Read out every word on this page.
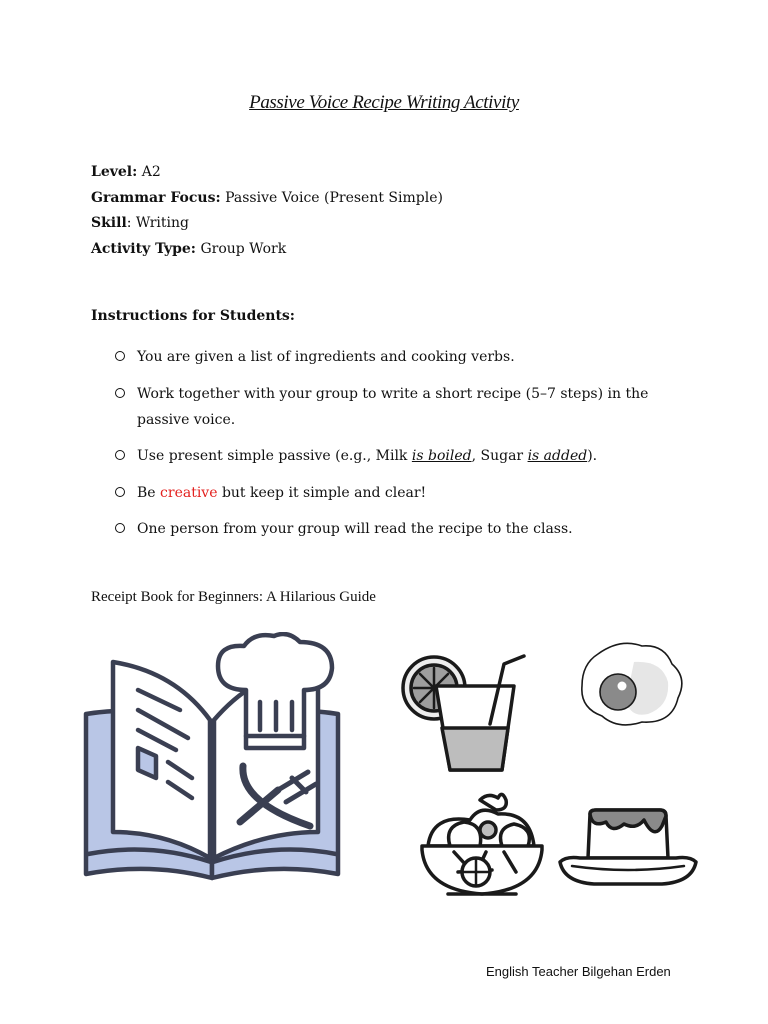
Passive Voice Recipe Writing Activity
Level: A2
Grammar Focus: Passive Voice (Present Simple)
Skill: Writing
Activity Type: Group Work
Instructions for Students:
You are given a list of ingredients and cooking verbs.
Work together with your group to write a short recipe (5–7 steps) in the
passive voice.
Use present simple passive (e.g., Milk is boiled, Sugar is added).
Be creative but keep it simple and clear!
One person from your group will read the recipe to the class.
Receipt Book for Beginners: A Hilarious Guide
English Teacher Bilgehan Erden
